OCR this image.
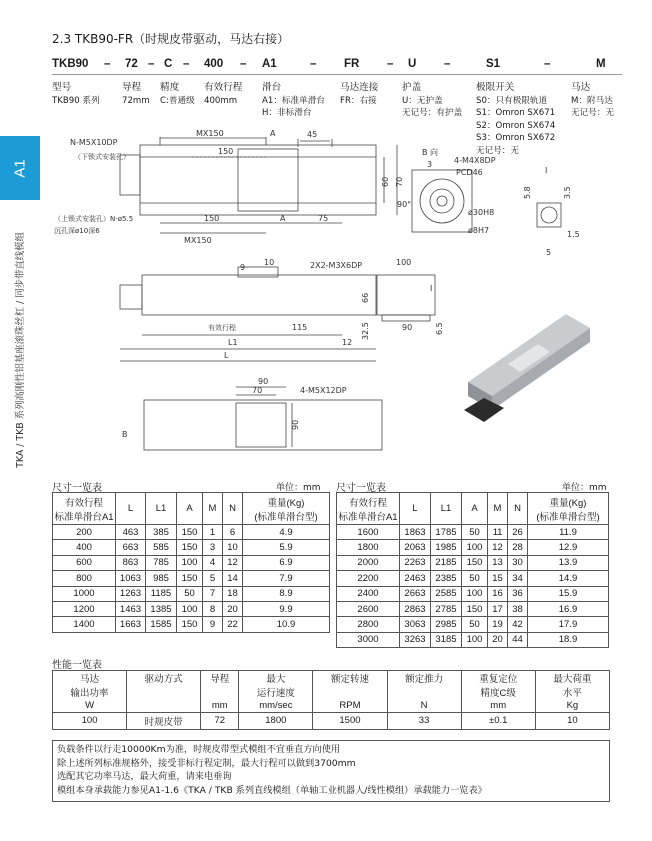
A1
TKA / TKB 系列高刚性铝基座滚珠丝杠 / 同步带直线模组
2.3 TKB90-FR（时规皮带驱动，马达右接）
TKB90 – 72 – C – 400 – A1	– FR – U –	S1	–	M
型号
TKB90 系列
导程
72mm
精度
C:普通级
有效行程
400mm
滑台
A1：标准单滑台
H：非标滑台
马达连接
FR：右接
护盖
U：无护盖
无记号：有护盖
极限开关
S0：只有极限轨道
S1：Omron SX671
S2：Omron SX674
S3：Omron SX672
无记号：无
马达
M：附马达
无记号：无
MX150	A	45
150
60 70
N-M5X10DP
（下锁式安装孔）
（上锁式安装孔）N-ø5.5
沉孔深ø10深6
150	A	75
MX150
B 向
4-M4X8DP
PCD46
3
90°
ø30H8
ø8H7
I
5.8	3.5
1.5
5
2X2-M3X6DP
9
10
有效行程	115
L1	12
L
100
66
32.5	90	6.5
I
90
70	4-M5X12DP
90
B
尺寸一览表	单位：mm 尺寸一览表	单位：mm
有效行程
标准单滑台A1	L	L1	A	M	N	重量(Kg)
(标准单滑台型)
200	463	385	150	1	6	4.9
400	663	585	150	3	10	5.9
600	863	785	100	4	12	6.9
800	1063	985	150	5	14	7.9
1000	1263	1185	50	7	18	8.9
1200	1463	1385	100	8	20	9.9
1400	1663	1585	150	9	22	10.9
有效行程
标准单滑台A1	L	L1	A	M	N	重量(Kg)
(标准单滑台型)
1600	1863	1785	50	11	26	11.9
1800	2063	1985	100	12	28	12.9
2000	2263	2185	150	13	30	13.9
2200	2463	2385	50	15	34	14.9
2400	2663	2585	100	16	36	15.9
2600	2863	2785	150	17	38	16.9
2800	3063	2985	50	19	42	17.9
3000	3263	3185	100	20	44	18.9
性能一览表
马达	驱动方式	导程	最大	额定转速	额定推力	重复定位	最大荷重
输出功率			运行速度			精度C级	水平
W		mm	mm/sec	RPM	N	mm	Kg
100	时规皮带	72	1800	1500	33	±0.1	10
负载条件以行走10000Km为准，时规皮带型式模组不宜垂直方向使用
除上述所列标准规格外，接受非标行程定制，最大行程可以做到3700mm
选配其它功率马达，最大荷重，请来电垂询
模组本身承载能力参见A1-1.6《TKA / TKB 系列直线模组（单轴工业机器人/线性模组）承载能力一览表》
